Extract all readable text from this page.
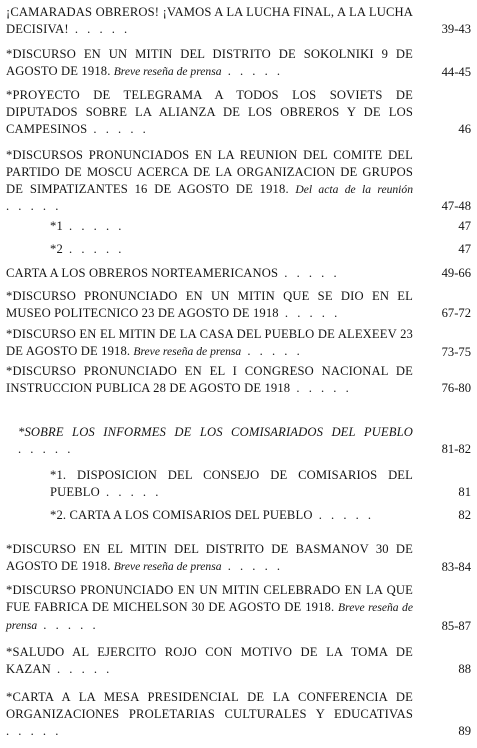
¡CAMARADAS OBREROS! ¡VAMOS A LA LUCHA FINAL, A LA LUCHA DECISIVA! . . . . .	39-43

*DISCURSO EN UN MITIN DEL DISTRITO DE SOKOLNIKI 9 DE AGOSTO DE 1918. Breve reseña de prensa . . . . .	44-45

*PROYECTO DE TELEGRAMA A TODOS LOS SOVIETS DE DIPUTADOS SOBRE LA ALIANZA DE LOS OBREROS Y DE LOS CAMPESINOS . . . . .	46

*DISCURSOS PRONUNCIADOS EN LA REUNION DEL COMITE DEL PARTIDO DE MOSCU ACERCA DE LA ORGANIZACION DE GRUPOS DE SIMPATIZANTES 16 DE AGOSTO DE 1918. Del acta de la reunión . . . . .	47-48

*1 . . . . .	47

*2 . . . . .	47

CARTA A LOS OBREROS NORTEAMERICANOS . . . . .	49-66

*DISCURSO PRONUNCIADO EN UN MITIN QUE SE DIO EN EL MUSEO POLITECNICO 23 DE AGOSTO DE 1918 . . . . .	67-72

*DISCURSO EN EL MITIN DE LA CASA DEL PUEBLO DE ALEXEEV 23 DE AGOSTO DE 1918. Breve reseña de prensa . . . . .	73-75

*DISCURSO PRONUNCIADO EN EL I CONGRESO NACIONAL DE INSTRUCCION PUBLICA 28 DE AGOSTO DE 1918 . . . . .	76-80

*SOBRE LOS INFORMES DE LOS COMISARIADOS DEL PUEBLO . . . . .	81-82

*1. DISPOSICION DEL CONSEJO DE COMISARIOS DEL PUEBLO . . . . .	81

*2. CARTA A LOS COMISARIOS DEL PUEBLO . . . . .	82

*DISCURSO EN EL MITIN DEL DISTRITO DE BASMANOV 30 DE AGOSTO DE 1918. Breve reseña de prensa . . . . .	83-84

*DISCURSO PRONUNCIADO EN UN MITIN CELEBRADO EN LA QUE FUE FABRICA DE MICHELSON 30 DE AGOSTO DE 1918. Breve reseña de prensa . . . . .	85-87

*SALUDO AL EJERCITO ROJO CON MOTIVO DE LA TOMA DE KAZAN . . . . .	88

*CARTA A LA MESA PRESIDENCIAL DE LA CONFERENCIA DE ORGANIZACIONES PROLETARIAS CULTURALES Y EDUCATIVAS . . . . .	89
